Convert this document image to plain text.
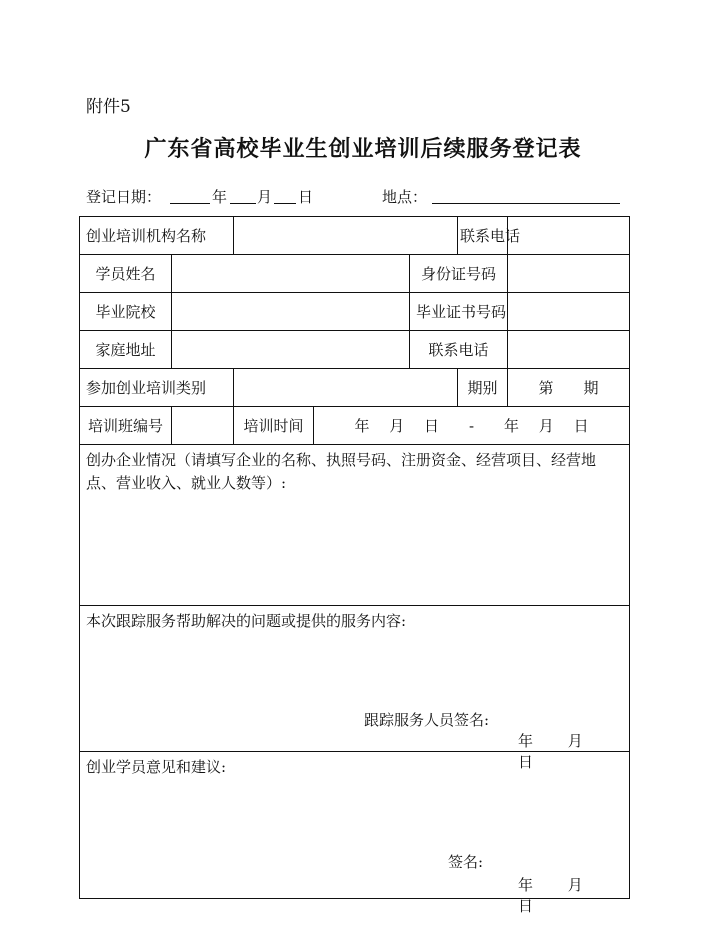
附件5
广东省高校毕业生创业培训后续服务登记表
登记日期：	年 月 日	地点：
创业培训机构名称					联系电话	
学员姓名				身份证号码		
毕业院校				毕业证书号码		
家庭地址				联系电话		
参加创业培训类别					期别	第　　期
培训班编号		培训时间	年　 月　 日　　-　　年　 月　 日			

创办企业情况（请填写企业的名称、执照号码、注册资金、经营项目、经营地点、营业收入、就业人数等）:						

本次跟踪服务帮助解决的问题或提供的服务内容:
跟踪服务人员签名:
年　　 月　　 日						

创业学员意见和建议:
签名:
年　　 月　　 日						
